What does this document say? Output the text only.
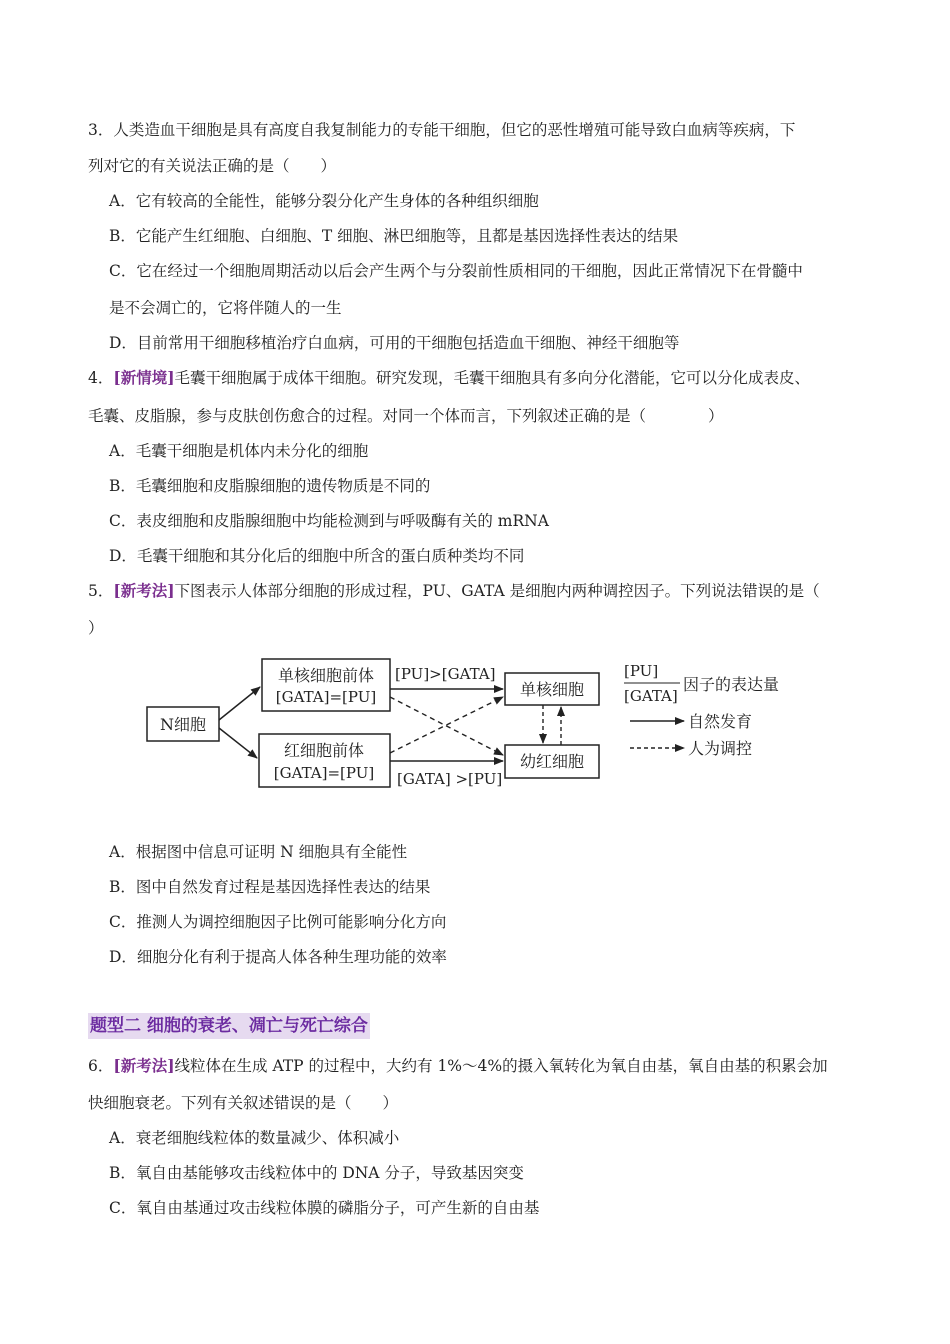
3．人类造血干细胞是具有高度自我复制能力的专能干细胞，但它的恶性增殖可能导致白血病等疾病，下
列对它的有关说法正确的是（　　）
A．它有较高的全能性，能够分裂分化产生身体的各种组织细胞
B．它能产生红细胞、白细胞、T 细胞、淋巴细胞等，且都是基因选择性表达的结果
C．它在经过一个细胞周期活动以后会产生两个与分裂前性质相同的干细胞，因此正常情况下在骨髓中
是不会凋亡的，它将伴随人的一生
D．目前常用干细胞移植治疗白血病，可用的干细胞包括造血干细胞、神经干细胞等
4．[新情境]毛囊干细胞属于成体干细胞。研究发现，毛囊干细胞具有多向分化潜能，它可以分化成表皮、
毛囊、皮脂腺，参与皮肤创伤愈合的过程。对同一个体而言，下列叙述正确的是（　　　　）
A．毛囊干细胞是机体内未分化的细胞
B．毛囊细胞和皮脂腺细胞的遗传物质是不同的
C．表皮细胞和皮脂腺细胞中均能检测到与呼吸酶有关的 mRNA
D．毛囊干细胞和其分化后的细胞中所含的蛋白质种类均不同
5．[新考法]下图表示人体部分细胞的形成过程，PU、GATA 是细胞内两种调控因子。下列说法错误的是（
）
N细胞
单核细胞前体
[GATA]=[PU]
红细胞前体
[GATA]=[PU]
单核细胞
幼红细胞
[PU]>[GATA]
[GATA] >[PU]
[PU]
[GATA]
因子的表达量
自然发育
人为调控
A．根据图中信息可证明 N 细胞具有全能性
B．图中自然发育过程是基因选择性表达的结果
C．推测人为调控细胞因子比例可能影响分化方向
D．细胞分化有利于提高人体各种生理功能的效率
题型二 细胞的衰老、凋亡与死亡综合
6．[新考法]线粒体在生成 ATP 的过程中，大约有 1%～4%的摄入氧转化为氧自由基，氧自由基的积累会加
快细胞衰老。下列有关叙述错误的是（　　）
A．衰老细胞线粒体的数量减少、体积减小
B．氧自由基能够攻击线粒体中的 DNA 分子，导致基因突变
C．氧自由基通过攻击线粒体膜的磷脂分子，可产生新的自由基
